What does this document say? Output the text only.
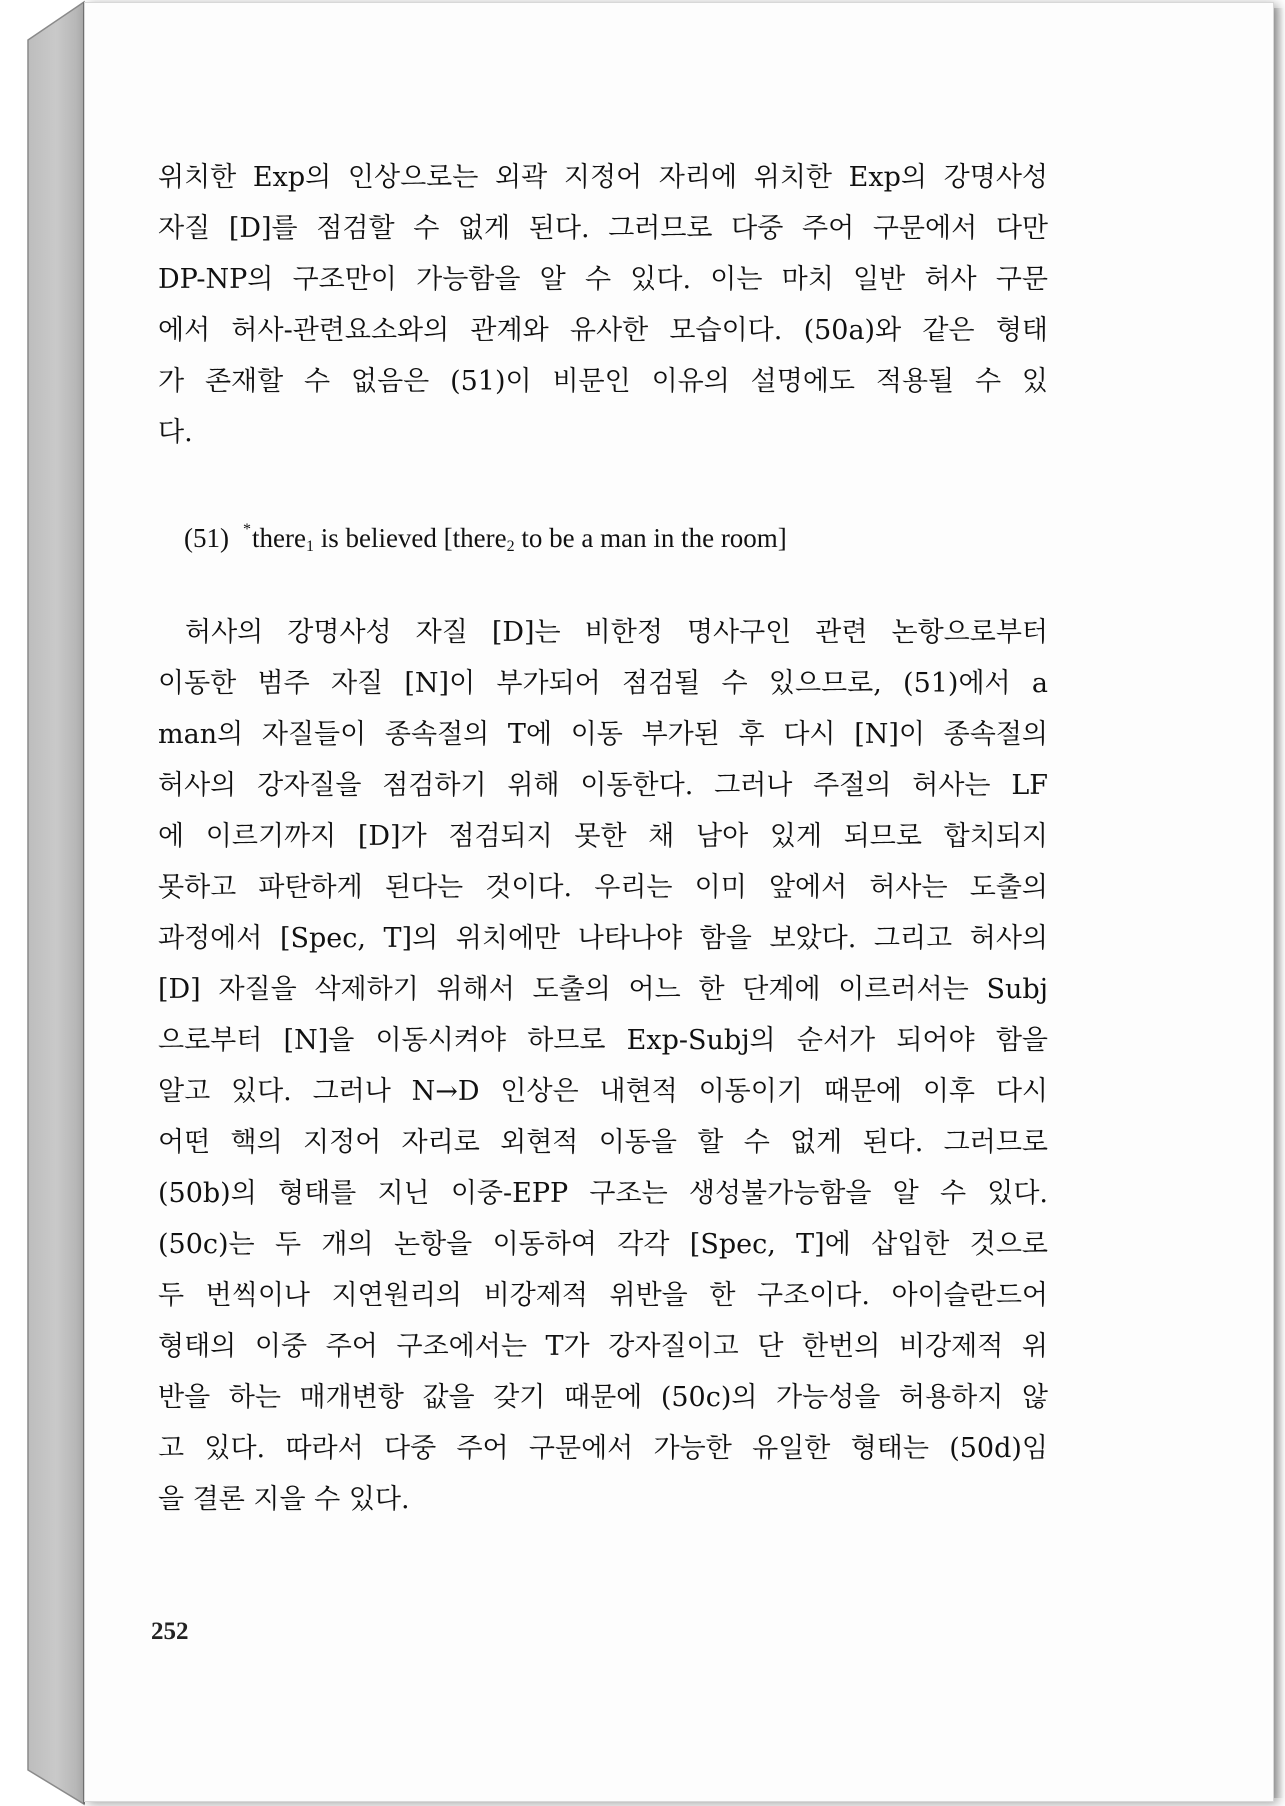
위치한 Exp의 인상으로는 외곽 지정어 자리에 위치한 Exp의 강명사성
자질 [D]를 점검할 수 없게 된다. 그러므로 다중 주어 구문에서 다만
DP-NP의 구조만이 가능함을 알 수 있다. 이는 마치 일반 허사 구문
에서 허사-관련요소와의 관계와 유사한 모습이다. (50a)와 같은 형태
가 존재할 수 없음은 (51)이 비문인 이유의 설명에도 적용될 수 있
다.
(51) *there$_1$ is believed [there$_2$ to be a man in the room]
허사의 강명사성 자질 [D]는 비한정 명사구인 관련 논항으로부터
이동한 범주 자질 [N]이 부가되어 점검될 수 있으므로, (51)에서 a
man의 자질들이 종속절의 T에 이동 부가된 후 다시 [N]이 종속절의
허사의 강자질을 점검하기 위해 이동한다. 그러나 주절의 허사는 LF
에 이르기까지 [D]가 점검되지 못한 채 남아 있게 되므로 합치되지
못하고 파탄하게 된다는 것이다. 우리는 이미 앞에서 허사는 도출의
과정에서 [Spec, T]의 위치에만 나타나야 함을 보았다. 그리고 허사의
[D] 자질을 삭제하기 위해서 도출의 어느 한 단계에 이르러서는 Subj
으로부터 [N]을 이동시켜야 하므로 Exp-Subj의 순서가 되어야 함을
알고 있다. 그러나 N→D 인상은 내현적 이동이기 때문에 이후 다시
어떤 핵의 지정어 자리로 외현적 이동을 할 수 없게 된다. 그러므로
(50b)의 형태를 지닌 이중-EPP 구조는 생성불가능함을 알 수 있다.
(50c)는 두 개의 논항을 이동하여 각각 [Spec, T]에 삽입한 것으로
두 번씩이나 지연원리의 비강제적 위반을 한 구조이다. 아이슬란드어
형태의 이중 주어 구조에서는 T가 강자질이고 단 한번의 비강제적 위
반을 하는 매개변항 값을 갖기 때문에 (50c)의 가능성을 허용하지 않
고 있다. 따라서 다중 주어 구문에서 가능한 유일한 형태는 (50d)임
을 결론 지을 수 있다.
252
